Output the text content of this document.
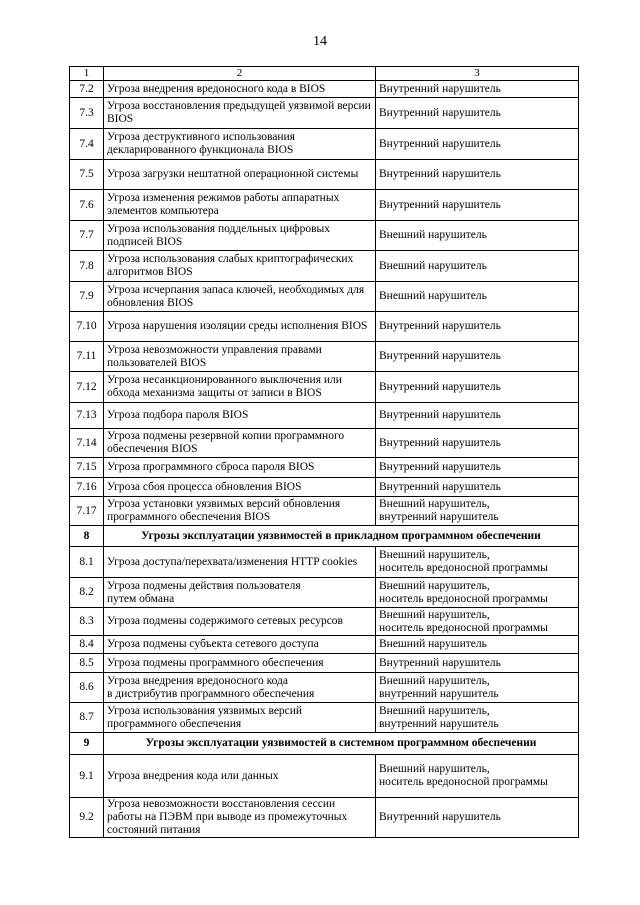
14
1	2	3
7.2	Угроза внедрения вредоносного кода в BIOS	Внутренний нарушитель
7.3	Угроза восстановления предыдущей уязвимой версии BIOS	Внутренний нарушитель
7.4	Угроза деструктивного использования декларированного функционала BIOS	Внутренний нарушитель
7.5	Угроза загрузки нештатной операционной системы	Внутренний нарушитель
7.6	Угроза изменения режимов работы аппаратных элементов компьютера	Внутренний нарушитель
7.7	Угроза использования поддельных цифровых подписей BIOS	Внешний нарушитель
7.8	Угроза использования слабых криптографических алгоритмов BIOS	Внешний нарушитель
7.9	Угроза исчерпания запаса ключей, необходимых для обновления BIOS	Внешний нарушитель
7.10	Угроза нарушения изоляции среды исполнения BIOS	Внутренний нарушитель
7.11	Угроза невозможности управления правами пользователей BIOS	Внутренний нарушитель
7.12	Угроза несанкционированного выключения или обхода механизма защиты от записи в BIOS	Внутренний нарушитель
7.13	Угроза подбора пароля BIOS	Внутренний нарушитель
7.14	Угроза подмены резервной копии программного обеспечения BIOS	Внутренний нарушитель
7.15	Угроза программного сброса пароля BIOS	Внутренний нарушитель
7.16	Угроза сбоя процесса обновления BIOS	Внутренний нарушитель
7.17	Угроза установки уязвимых версий обновления программного обеспечения BIOS	Внешний нарушитель,
внутренний нарушитель
8	Угрозы эксплуатации уязвимостей в прикладном программном обеспечении	
8.1	Угроза доступа/перехвата/изменения HTTP cookies	Внешний нарушитель,
носитель вредоносной программы
8.2	Угроза подмены действия пользователя
путем обмана	Внешний нарушитель,
носитель вредоносной программы
8.3	Угроза подмены содержимого сетевых ресурсов	Внешний нарушитель,
носитель вредоносной программы
8.4	Угроза подмены субъекта сетевого доступа	Внешний нарушитель
8.5	Угроза подмены программного обеспечения	Внутренний нарушитель
8.6	Угроза внедрения вредоносного кода
в дистрибутив программного обеспечения	Внешний нарушитель,
внутренний нарушитель
8.7	Угроза использования уязвимых версий
программного обеспечения	Внешний нарушитель,
внутренний нарушитель
9	Угрозы эксплуатации уязвимостей в системном программном обеспечении	
9.1	Угроза внедрения кода или данных	Внешний нарушитель,
носитель вредоносной программы
9.2	Угроза невозможности восстановления сессии работы на ПЭВМ при выводе из промежуточных состояний питания	Внутренний нарушитель
